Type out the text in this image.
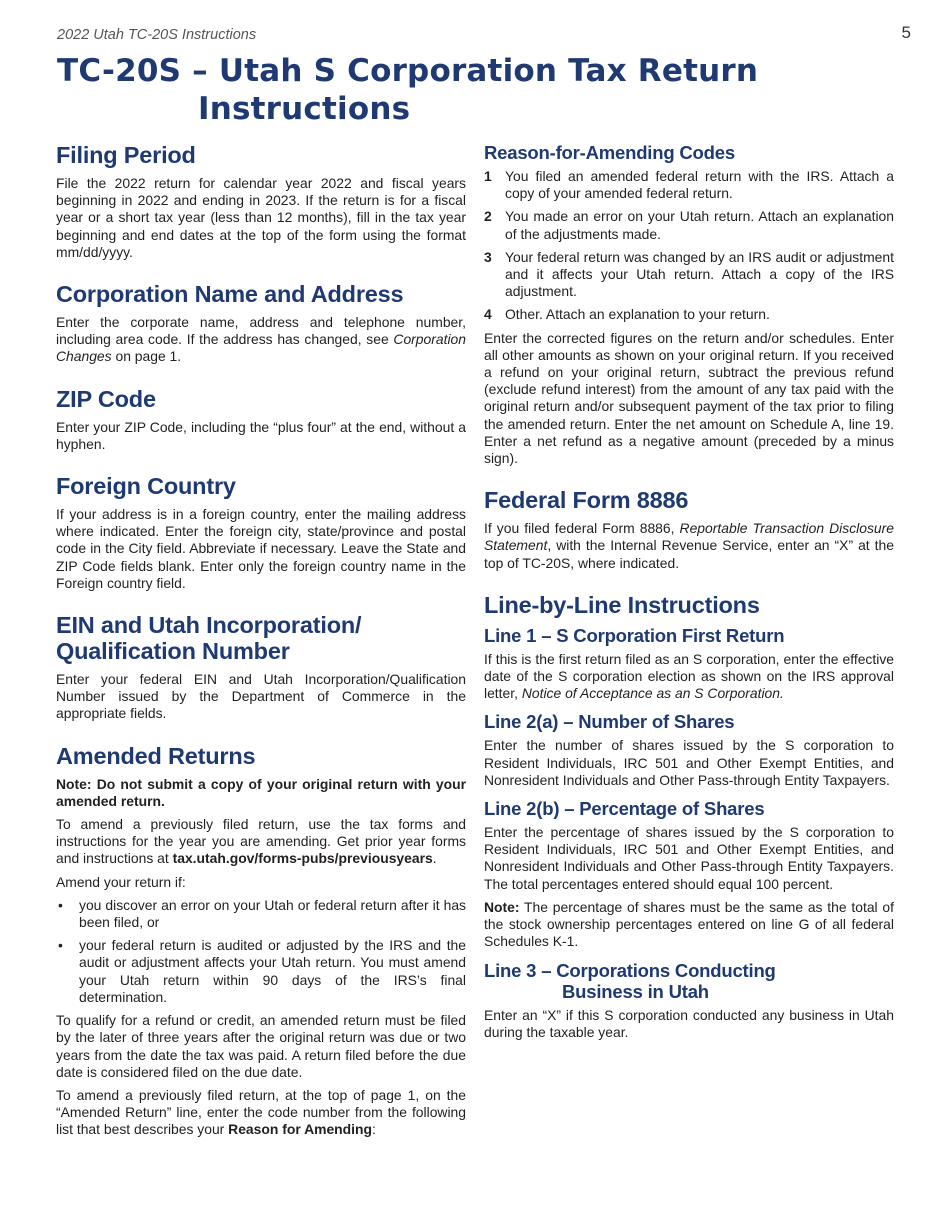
2022 Utah TC-20S Instructions	5
TC-20S – Utah S Corporation Tax Return
Instructions
Filing Period

File the 2022 return for calendar year 2022 and fiscal years beginning in 2022 and ending in 2023. If the return is for a fiscal year or a short tax year (less than 12 months), fill in the tax year beginning and end dates at the top of the form using the format mm/dd/yyyy.

Corporation Name and Address

Enter the corporate name, address and telephone number, including area code. If the address has changed, see Corporation Changes on page 1.

ZIP Code

Enter your ZIP Code, including the “plus four” at the end, without a hyphen.

Foreign Country

If your address is in a foreign country, enter the mailing address where indicated. Enter the foreign city, state/province and postal code in the City field. Abbreviate if necessary. Leave the State and ZIP Code fields blank. Enter only the foreign country name in the Foreign country field.

EIN and Utah Incorporation/
Qualification Number

Enter your federal EIN and Utah Incorporation/Qualification Number issued by the Department of Commerce in the appropriate fields.

Amended Returns

Note: Do not submit a copy of your original return with your amended return.

To amend a previously filed return, use the tax forms and instructions for the year you are amending. Get prior year forms and instructions at tax.utah.gov/forms-pubs/previousyears.

Amend your return if:

• you discover an error on your Utah or federal return after it has been filed, or
• your federal return is audited or adjusted by the IRS and the audit or adjustment affects your Utah return. You must amend your Utah return within 90 days of the IRS’s final determination.

To qualify for a refund or credit, an amended return must be filed by the later of three years after the original return was due or two years from the date the tax was paid. A return filed before the due date is considered filed on the due date.

To amend a previously filed return, at the top of page 1, on the “Amended Return” line, enter the code number from the following list that best describes your Reason for Amending:

Reason-for-Amending Codes
1 You filed an amended federal return with the IRS. Attach a copy of your amended federal return.
2 You made an error on your Utah return. Attach an explanation of the adjustments made.
3 Your federal return was changed by an IRS audit or adjustment and it affects your Utah return. Attach a copy of the IRS adjustment.
4 Other. Attach an explanation to your return.

Enter the corrected figures on the return and/or schedules. Enter all other amounts as shown on your original return. If you received a refund on your original return, subtract the previous refund (exclude refund interest) from the amount of any tax paid with the original return and/or subsequent payment of the tax prior to filing the amended return. Enter the net amount on Schedule A, line 19. Enter a net refund as a negative amount (preceded by a minus sign).

Federal Form 8886

If you filed federal Form 8886, Reportable Transaction Disclosure Statement, with the Internal Revenue Service, enter an “X” at the top of TC-20S, where indicated.

Line-by-Line Instructions
Line 1 – S Corporation First Return

If this is the first return filed as an S corporation, enter the effective date of the S corporation election as shown on the IRS approval letter, Notice of Acceptance as an S Corporation.

Line 2(a) – Number of Shares

Enter the number of shares issued by the S corporation to Resident Individuals, IRC 501 and Other Exempt Entities, and Nonresident Individuals and Other Pass-through Entity Taxpayers.

Line 2(b) – Percentage of Shares

Enter the percentage of shares issued by the S corporation to Resident Individuals, IRC 501 and Other Exempt Entities, and Nonresident Individuals and Other Pass-through Entity Taxpayers. The total percentages entered should equal 100 percent.

Note: The percentage of shares must be the same as the total of the stock ownership percentages entered on line G of all federal Schedules K-1.

Line 3 – Corporations Conducting
Business in Utah

Enter an “X” if this S corporation conducted any business in Utah during the taxable year.
